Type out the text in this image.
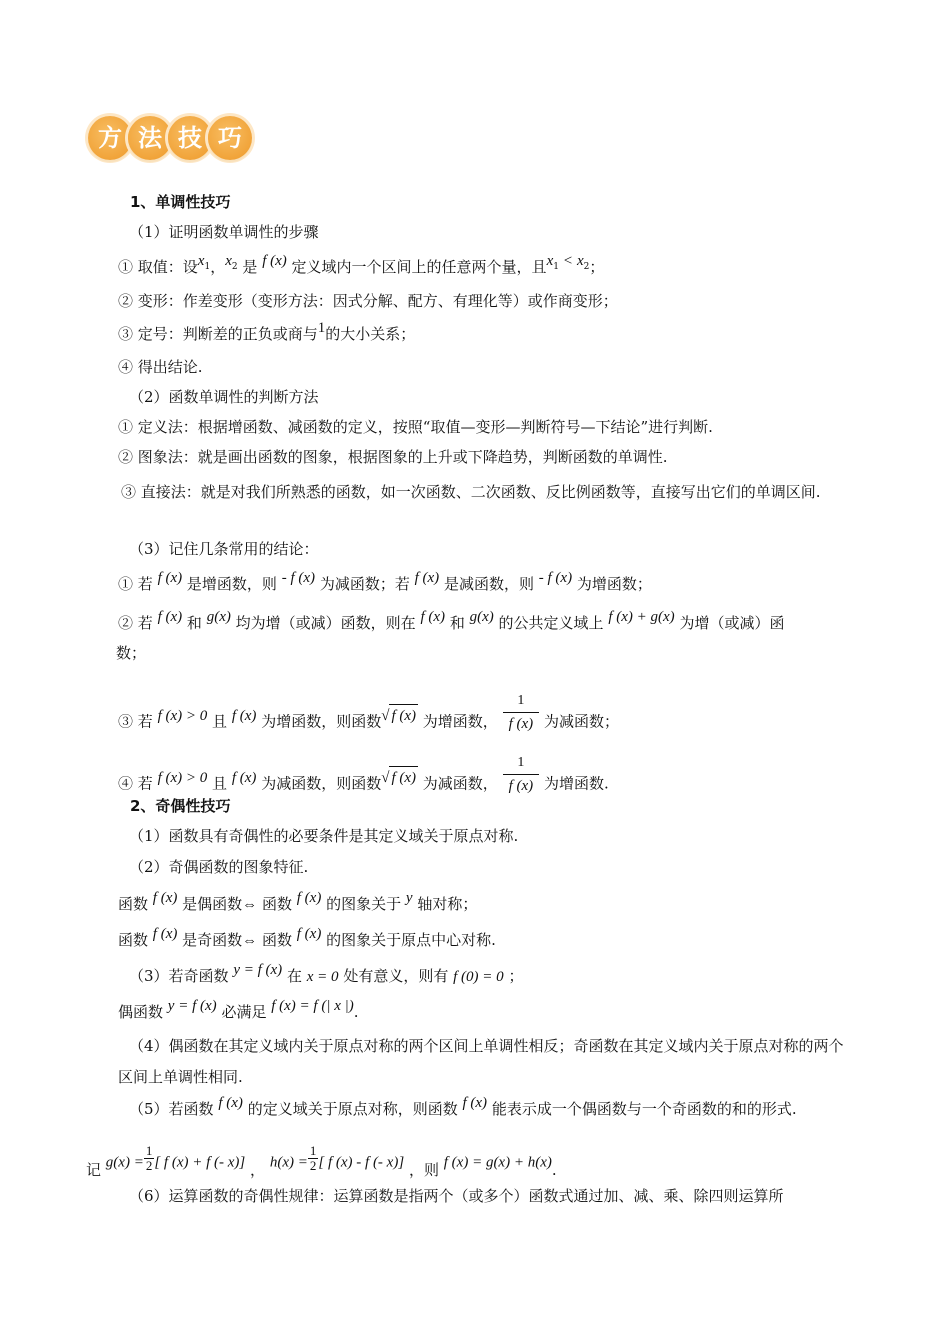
方 法 技 巧
1、单调性技巧
（1）证明函数单调性的步骤
① 取值：设$x_1$，$x_2$ 是 f (x) 定义域内一个区间上的任意两个量，且$x_1 < x_2$；
② 变形：作差变形（变形方法：因式分解、配方、有理化等）或作商变形；
③ 定号：判断差的正负或商与1的大小关系；
④ 得出结论.
（2）函数单调性的判断方法
① 定义法：根据增函数、减函数的定义，按照“取值—变形—判断符号—下结论”进行判断.
② 图象法：就是画出函数的图象，根据图象的上升或下降趋势，判断函数的单调性.
③ 直接法：就是对我们所熟悉的函数，如一次函数、二次函数、反比例函数等，直接写出它们的单调区间.
（3）记住几条常用的结论：
① 若 f (x) 是增函数，则 - f (x) 为减函数；若 f (x) 是减函数，则 - f (x) 为增函数；
② 若 f (x) 和 g(x) 均为增（或减）函数，则在 f (x) 和 g(x) 的公共定义域上 f (x) + g(x) 为增（或减）函
数；
③ 若 f (x) > 0 且 f (x) 为增函数，则函数√ f (x) 为增函数， $\frac{1}{f (x)}$ 为减函数；
④ 若 f (x) > 0 且 f (x) 为减函数，则函数√ f (x) 为减函数， $\frac{1}{f (x)}$ 为增函数.
2、奇偶性技巧
（1）函数具有奇偶性的必要条件是其定义域关于原点对称.
（2）奇偶函数的图象特征.
函数 f (x) 是偶函数⇔ 函数 f (x) 的图象关于 y 轴对称；
函数 f (x) 是奇函数⇔ 函数 f (x) 的图象关于原点中心对称.
（3）若奇函数 y = f (x) 在 x = 0 处有意义，则有 f (0) = 0 ；
偶函数 y = f (x) 必满足 f (x) = f (| x |).
（4）偶函数在其定义域内关于原点对称的两个区间上单调性相反；奇函数在其定义域内关于原点对称的两个区间上单调性相同.
（5）若函数 f (x) 的定义域关于原点对称，则函数 f (x) 能表示成一个偶函数与一个奇函数的和的形式.
记 $g(x) = \frac{1}{2}$ [ f (x) + f (- x)] ， $h(x) = \frac{1}{2}$ [ f (x) - f (- x)] ，则 f (x) = g(x) + h(x).
（6）运算函数的奇偶性规律：运算函数是指两个（或多个）函数式通过加、减、乘、除四则运算所
